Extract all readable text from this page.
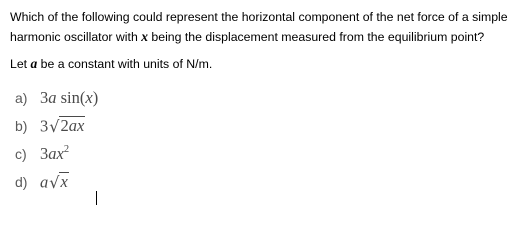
Which of the following could represent the horizontal component of the net force of a simple harmonic oscillator with x being the displacement measured from the equilibrium point?
Let a be a constant with units of N/m.
a) 3a sin(x)
b) 3 √ 2ax
c) $3ax^2$
d) a √ x
